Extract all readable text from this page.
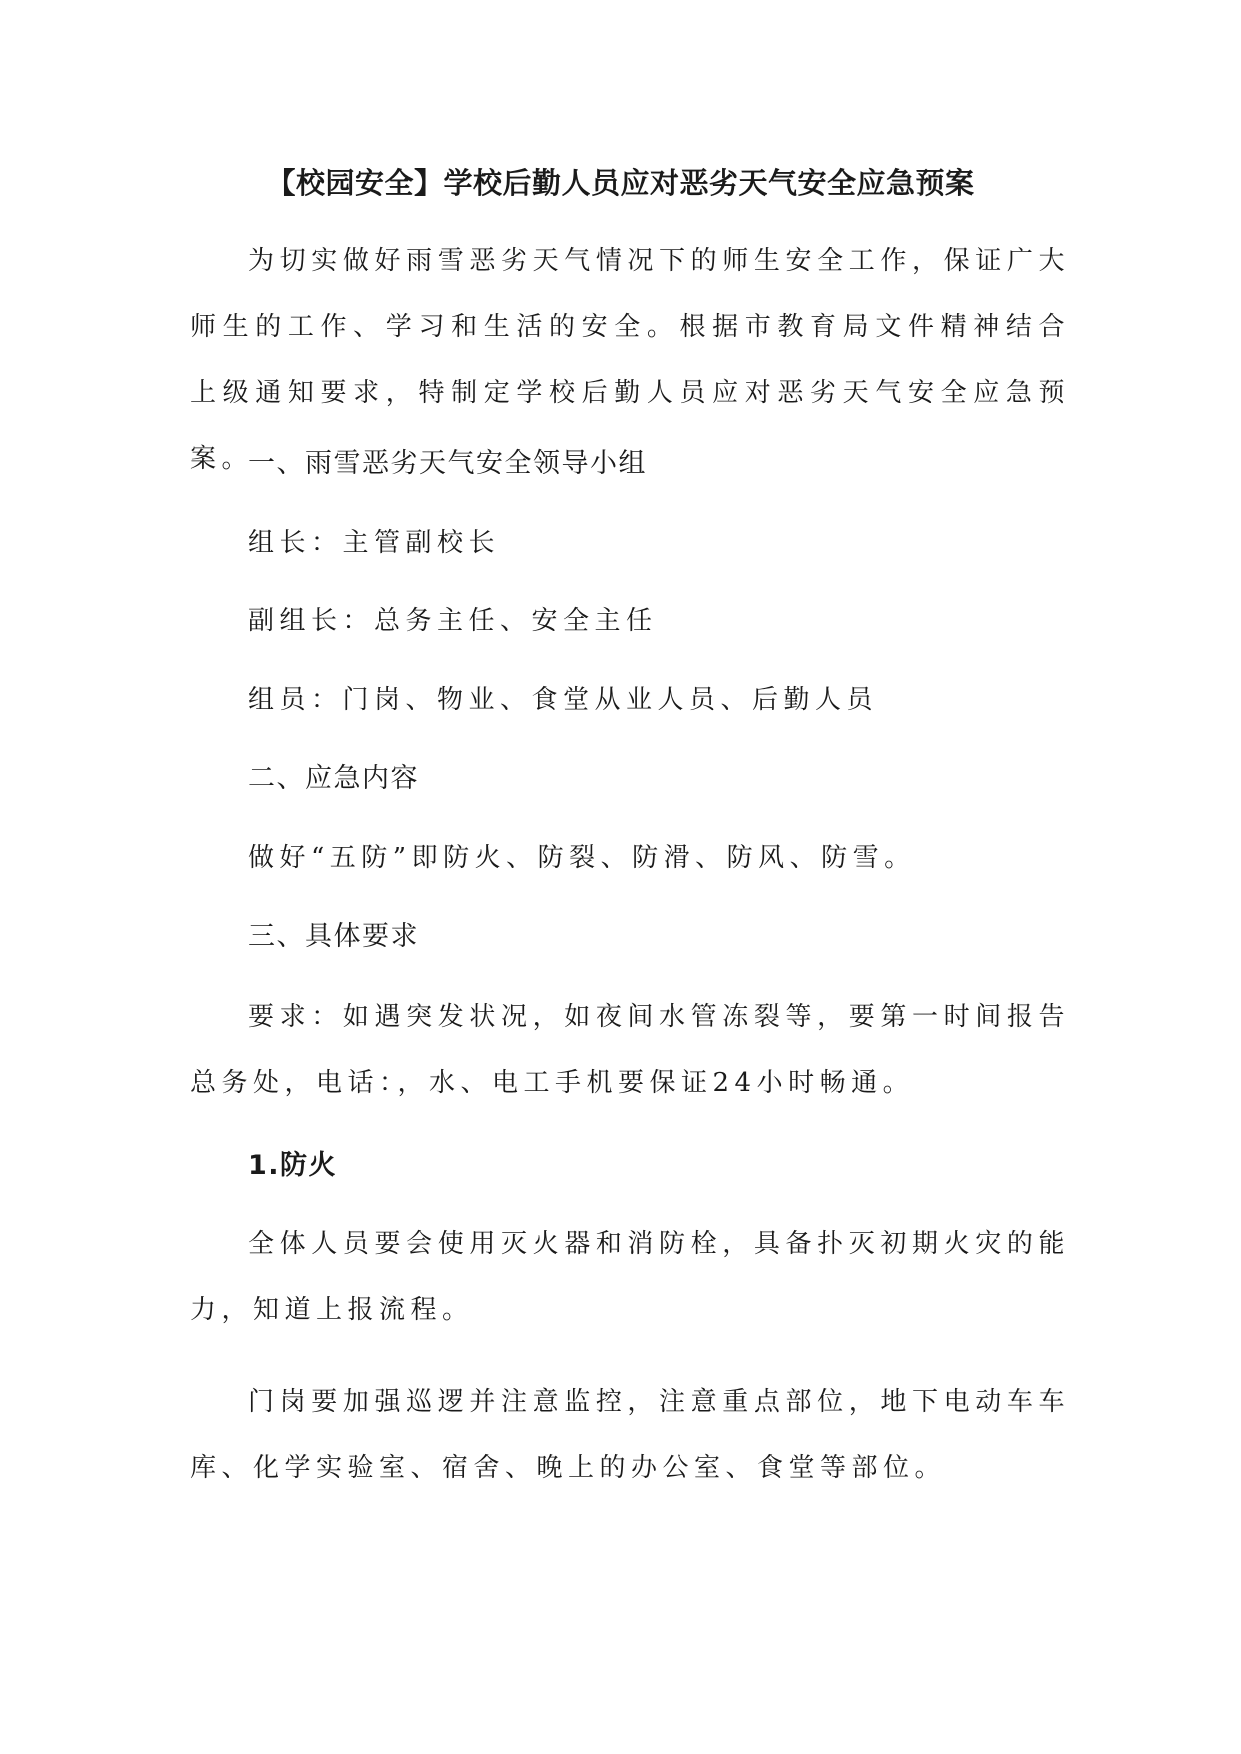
【校园安全】学校后勤人员应对恶劣天气安全应急预案

为切实做好雨雪恶劣天气情况下的师生安全工作，保证广大师生的工作、学习和生活的安全。根据市教育局文件精神结合上级通知要求，特制定学校后勤人员应对恶劣天气安全应急预案。

一、雨雪恶劣天气安全领导小组
组长：主管副校长
副组长：总务主任、安全主任
组员：门岗、物业、食堂从业人员、后勤人员
二、应急内容
做好“五防”即防火、防裂、防滑、防风、防雪。
三、具体要求

要求：如遇突发状况，如夜间水管冻裂等，要第一时间报告总务处，电话：，水、电工手机要保证24小时畅通。

1.防火

全体人员要会使用灭火器和消防栓，具备扑灭初期火灾的能力，知道上报流程。

门岗要加强巡逻并注意监控，注意重点部位，地下电动车车库、化学实验室、宿舍、晚上的办公室、食堂等部位。
